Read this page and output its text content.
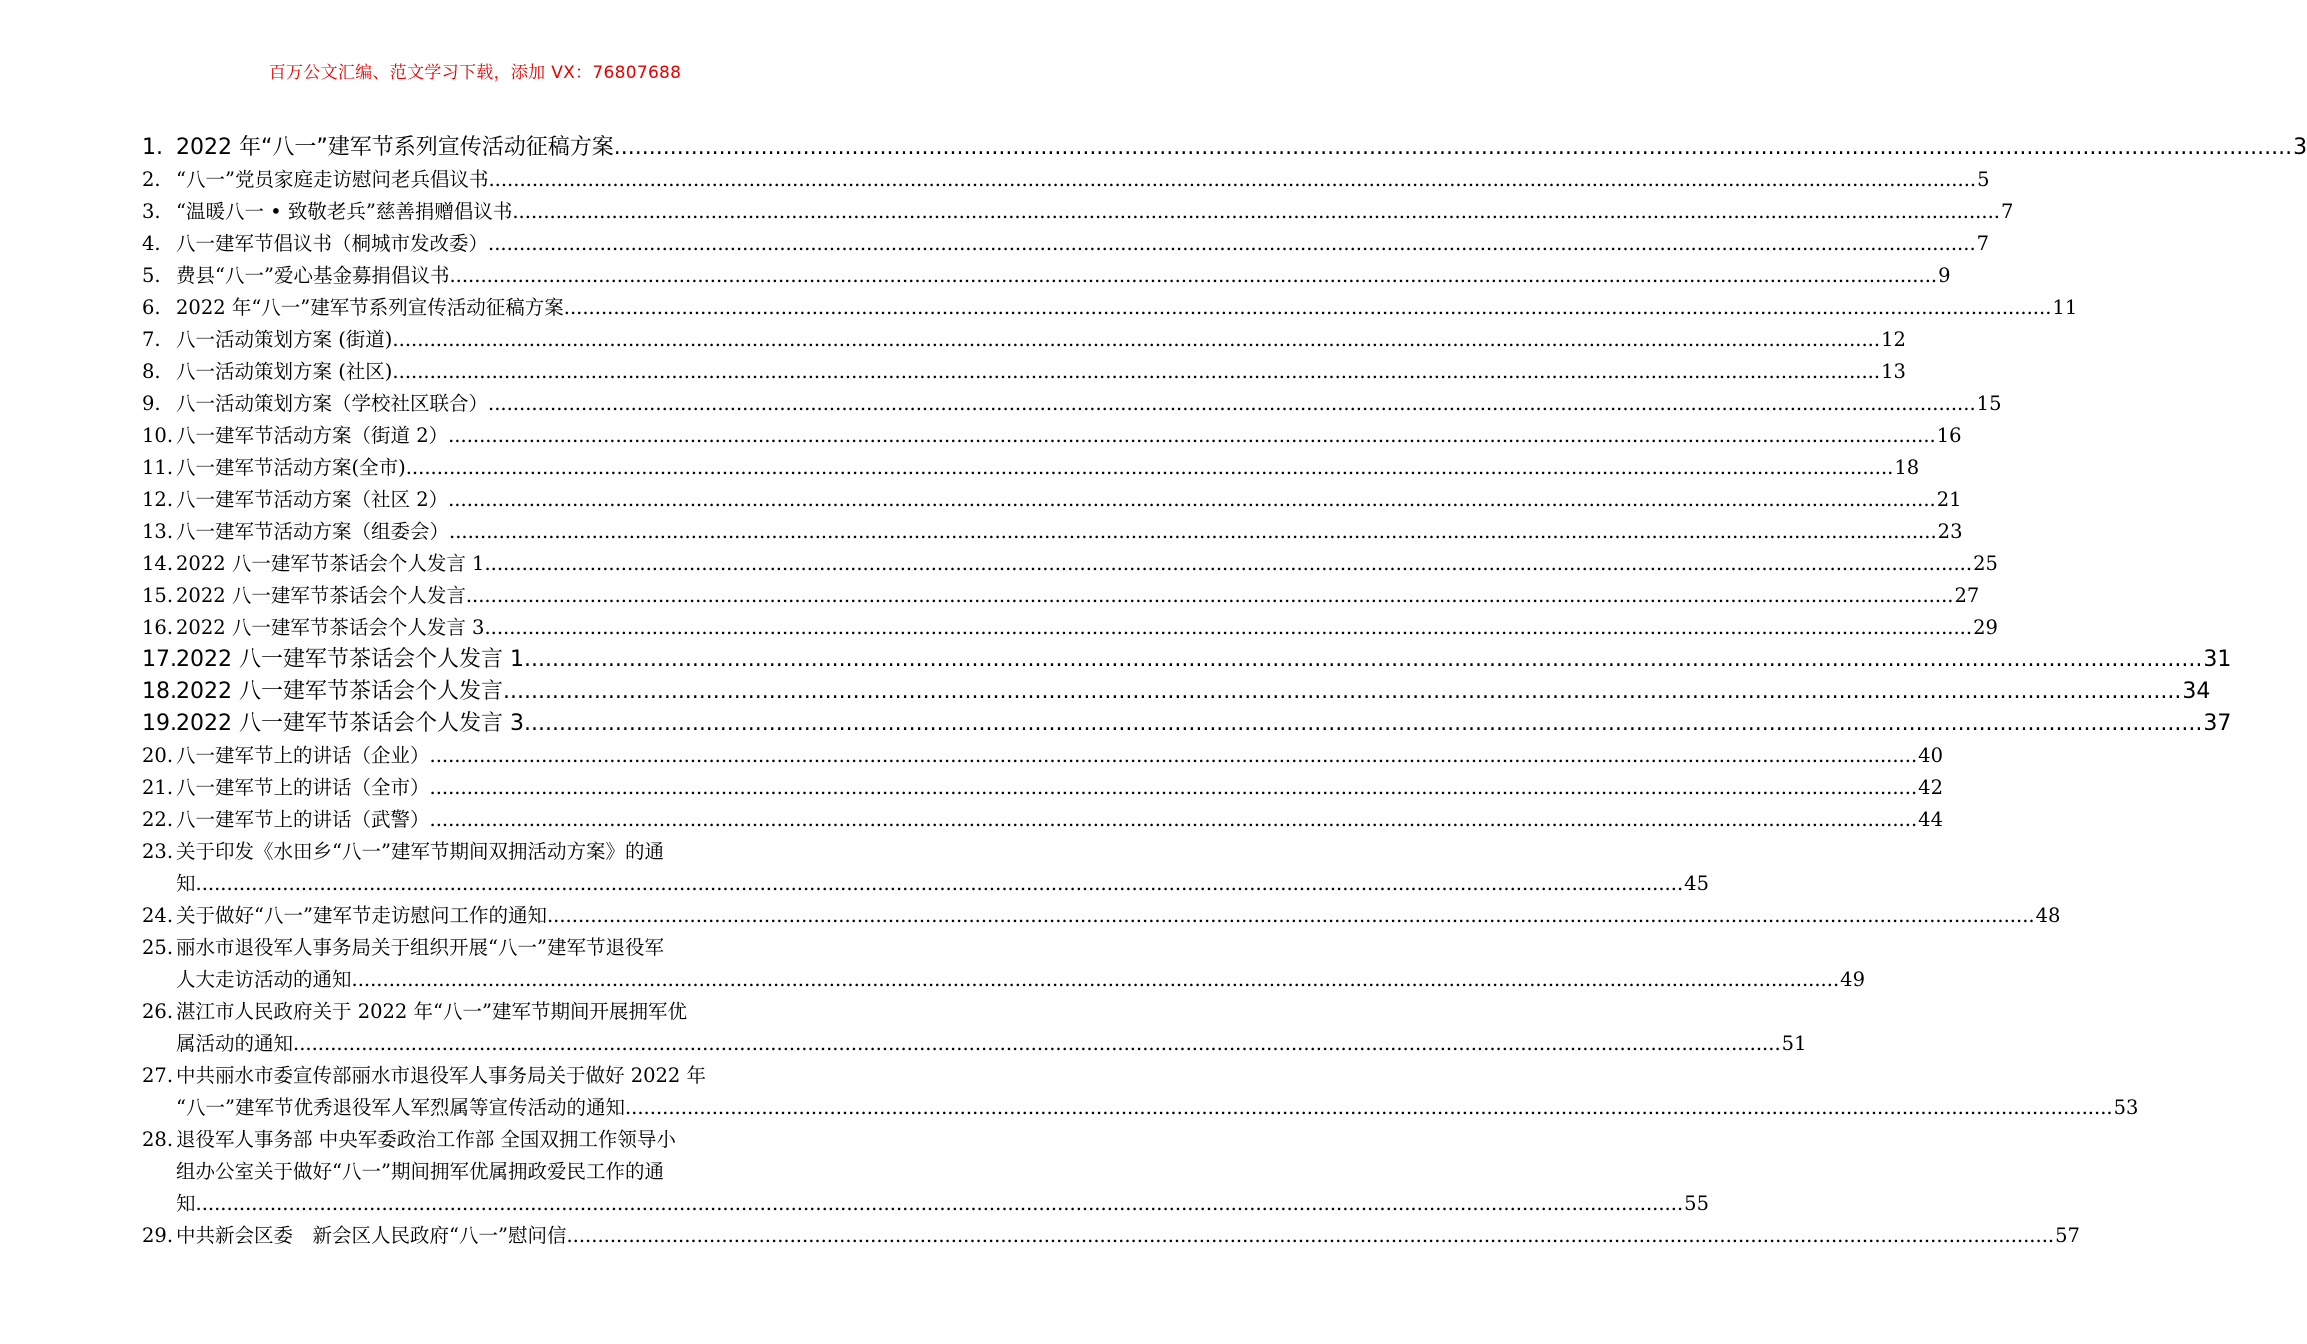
百万公文汇编、范文学习下载，添加 VX：76807688
1. 2022 年“八一”建军节系列宣传活动征稿方案 .....	3
2. “八一”党员家庭走访慰问老兵倡议书 .....	5
3. “温暖八一 • 致敬老兵”慈善捐赠倡议书 .....	7
4. 八一建军节倡议书（桐城市发改委） .....	7
5. 费县“八一”爱心基金募捐倡议书 .....	9
6. 2022 年“八一”建军节系列宣传活动征稿方案 .....	11
7. 八一活动策划方案 (街道) .....	12
8. 八一活动策划方案 (社区) .....	13
9. 八一活动策划方案（学校社区联合） .....	15
10. 八一建军节活动方案（街道 2） .....	16
11. 八一建军节活动方案(全市) .....	18
12. 八一建军节活动方案（社区 2） .....	21
13. 八一建军节活动方案（组委会） .....	23
14. 2022 八一建军节茶话会个人发言 1 .....	25
15. 2022 八一建军节茶话会个人发言 .....	27
16. 2022 八一建军节茶话会个人发言 3 .....	29
17. 2022 八一建军节茶话会个人发言 1 .....	31
18. 2022 八一建军节茶话会个人发言 .....	34
19. 2022 八一建军节茶话会个人发言 3 .....	37
20. 八一建军节上的讲话（企业） .....	40
21. 八一建军节上的讲话（全市） .....	42
22. 八一建军节上的讲话（武警） .....	44
23. 关于印发《水田乡“八一”建军节期间双拥活动方案》的通
知 .....	45
24. 关于做好“八一”建军节走访慰问工作的通知 .....	48
25. 丽水市退役军人事务局关于组织开展“八一”建军节退役军
人大走访活动的通知 .....	49
26. 湛江市人民政府关于 2022 年“八一”建军节期间开展拥军优
属活动的通知 .....	51
27. 中共丽水市委宣传部丽水市退役军人事务局关于做好 2022 年
“八一”建军节优秀退役军人军烈属等宣传活动的通知 .....	53
28. 退役军人事务部 中央军委政治工作部 全国双拥工作领导小
组办公室关于做好“八一”期间拥军优属拥政爱民工作的通
知 .....	55
29. 中共新会区委　新会区人民政府“八一”慰问信 .....	57
